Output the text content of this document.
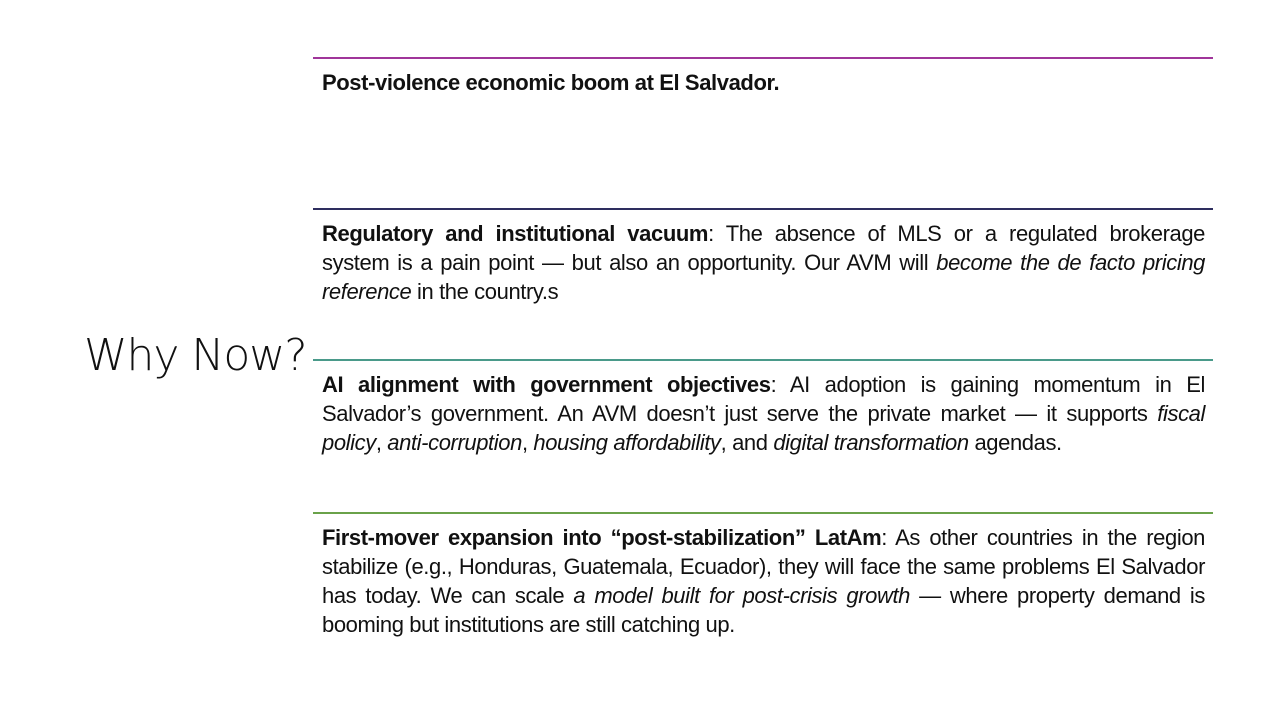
Why Now?
Post-violence economic boom at El Salvador.
Regulatory and institutional vacuum: The absence of MLS or a regulated brokerage system is a pain point — but also an opportunity. Our AVM will become the de facto pricing reference in the country.s
AI alignment with government objectives: AI adoption is gaining momentum in El Salvador’s government. An AVM doesn’t just serve the private market — it supports fiscal policy, anti-corruption, housing affordability, and digital transformation agendas.
First-mover expansion into “post-stabilization” LatAm: As other countries in the region stabilize (e.g., Honduras, Guatemala, Ecuador), they will face the same problems El Salvador has today. We can scale a model built for post-crisis growth — where property demand is booming but institutions are still catching up.
